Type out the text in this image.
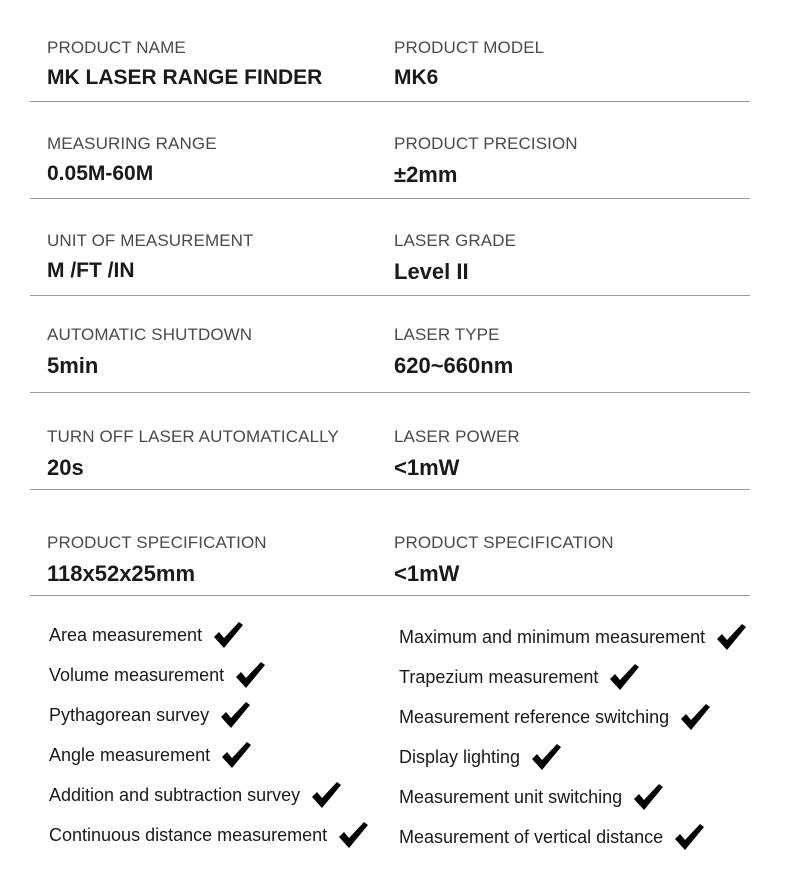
PRODUCT NAME
MK LASER RANGE FINDER
PRODUCT MODEL
MK6
MEASURING RANGE
0.05M-60M
PRODUCT PRECISION
±2mm
UNIT OF MEASUREMENT
M /FT /IN
LASER GRADE
Level II
AUTOMATIC SHUTDOWN
5min
LASER TYPE
620~660nm
TURN OFF LASER AUTOMATICALLY
20s
LASER POWER
<1mW
PRODUCT SPECIFICATION
118x52x25mm
PRODUCT SPECIFICATION
<1mW
Area measurement
Volume measurement
Pythagorean survey
Angle measurement
Addition and subtraction survey
Continuous distance measurement
Maximum and minimum measurement
Trapezium measurement
Measurement reference switching
Display lighting
Measurement unit switching
Measurement of vertical distance
